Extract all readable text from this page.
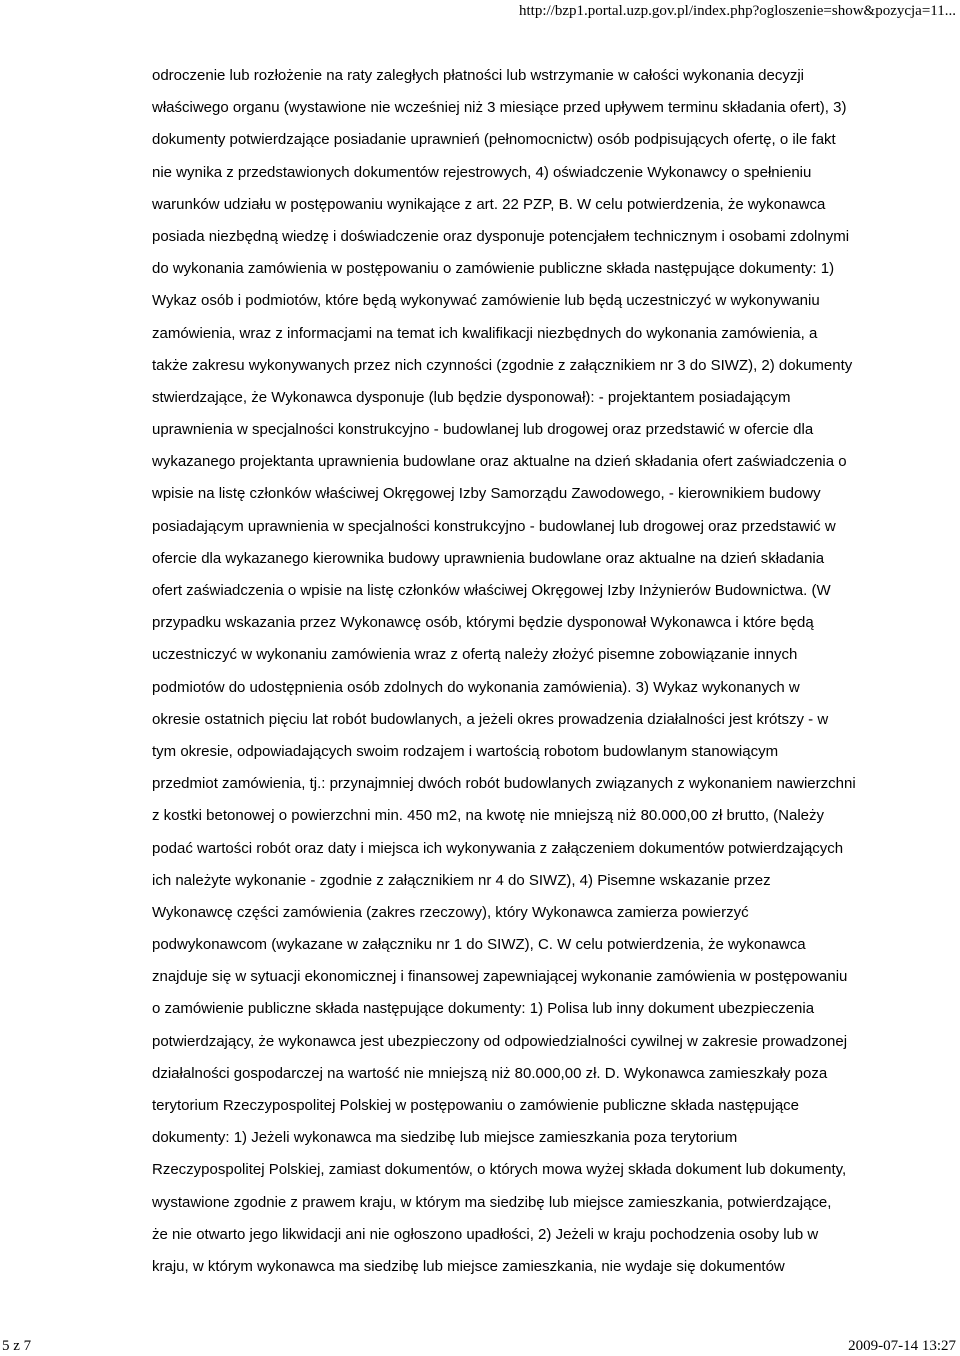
http://bzp1.portal.uzp.gov.pl/index.php?ogloszenie=show&pozycja=11...
odroczenie lub rozłożenie na raty zaległych płatności lub wstrzymanie w całości wykonania decyzji
właściwego organu (wystawione nie wcześniej niż 3 miesiące przed upływem terminu składania ofert), 3)
dokumenty potwierdzające posiadanie uprawnień (pełnomocnictw) osób podpisujących ofertę, o ile fakt
nie wynika z przedstawionych dokumentów rejestrowych, 4) oświadczenie Wykonawcy o spełnieniu
warunków udziału w postępowaniu wynikające z art. 22 PZP, B. W celu potwierdzenia, że wykonawca
posiada niezbędną wiedzę i doświadczenie oraz dysponuje potencjałem technicznym i osobami zdolnymi
do wykonania zamówienia w postępowaniu o zamówienie publiczne składa następujące dokumenty: 1)
Wykaz osób i podmiotów, które będą wykonywać zamówienie lub będą uczestniczyć w wykonywaniu
zamówienia, wraz z informacjami na temat ich kwalifikacji niezbędnych do wykonania zamówienia, a
także zakresu wykonywanych przez nich czynności (zgodnie z załącznikiem nr 3 do SIWZ), 2) dokumenty
stwierdzające, że Wykonawca dysponuje (lub będzie dysponował): - projektantem posiadającym
uprawnienia w specjalności konstrukcyjno - budowlanej lub drogowej oraz przedstawić w ofercie dla
wykazanego projektanta uprawnienia budowlane oraz aktualne na dzień składania ofert zaświadczenia o
wpisie na listę członków właściwej Okręgowej Izby Samorządu Zawodowego, - kierownikiem budowy
posiadającym uprawnienia w specjalności konstrukcyjno - budowlanej lub drogowej oraz przedstawić w
ofercie dla wykazanego kierownika budowy uprawnienia budowlane oraz aktualne na dzień składania
ofert zaświadczenia o wpisie na listę członków właściwej Okręgowej Izby Inżynierów Budownictwa. (W
przypadku wskazania przez Wykonawcę osób, którymi będzie dysponował Wykonawca i które będą
uczestniczyć w wykonaniu zamówienia wraz z ofertą należy złożyć pisemne zobowiązanie innych
podmiotów do udostępnienia osób zdolnych do wykonania zamówienia). 3) Wykaz wykonanych w
okresie ostatnich pięciu lat robót budowlanych, a jeżeli okres prowadzenia działalności jest krótszy - w
tym okresie, odpowiadających swoim rodzajem i wartością robotom budowlanym stanowiącym
przedmiot zamówienia, tj.: przynajmniej dwóch robót budowlanych związanych z wykonaniem nawierzchni
z kostki betonowej o powierzchni min. 450 m2, na kwotę nie mniejszą niż 80.000,00 zł brutto, (Należy
podać wartości robót oraz daty i miejsca ich wykonywania z załączeniem dokumentów potwierdzających
ich należyte wykonanie - zgodnie z załącznikiem nr 4 do SIWZ), 4) Pisemne wskazanie przez
Wykonawcę części zamówienia (zakres rzeczowy), który Wykonawca zamierza powierzyć
podwykonawcom (wykazane w załączniku nr 1 do SIWZ), C. W celu potwierdzenia, że wykonawca
znajduje się w sytuacji ekonomicznej i finansowej zapewniającej wykonanie zamówienia w postępowaniu
o zamówienie publiczne składa następujące dokumenty: 1) Polisa lub inny dokument ubezpieczenia
potwierdzający, że wykonawca jest ubezpieczony od odpowiedzialności cywilnej w zakresie prowadzonej
działalności gospodarczej na wartość nie mniejszą niż 80.000,00 zł. D. Wykonawca zamieszkały poza
terytorium Rzeczypospolitej Polskiej w postępowaniu o zamówienie publiczne składa następujące
dokumenty: 1) Jeżeli wykonawca ma siedzibę lub miejsce zamieszkania poza terytorium
Rzeczypospolitej Polskiej, zamiast dokumentów, o których mowa wyżej składa dokument lub dokumenty,
wystawione zgodnie z prawem kraju, w którym ma siedzibę lub miejsce zamieszkania, potwierdzające,
że nie otwarto jego likwidacji ani nie ogłoszono upadłości, 2) Jeżeli w kraju pochodzenia osoby lub w
kraju, w którym wykonawca ma siedzibę lub miejsce zamieszkania, nie wydaje się dokumentów
5 z 7	2009-07-14 13:27
